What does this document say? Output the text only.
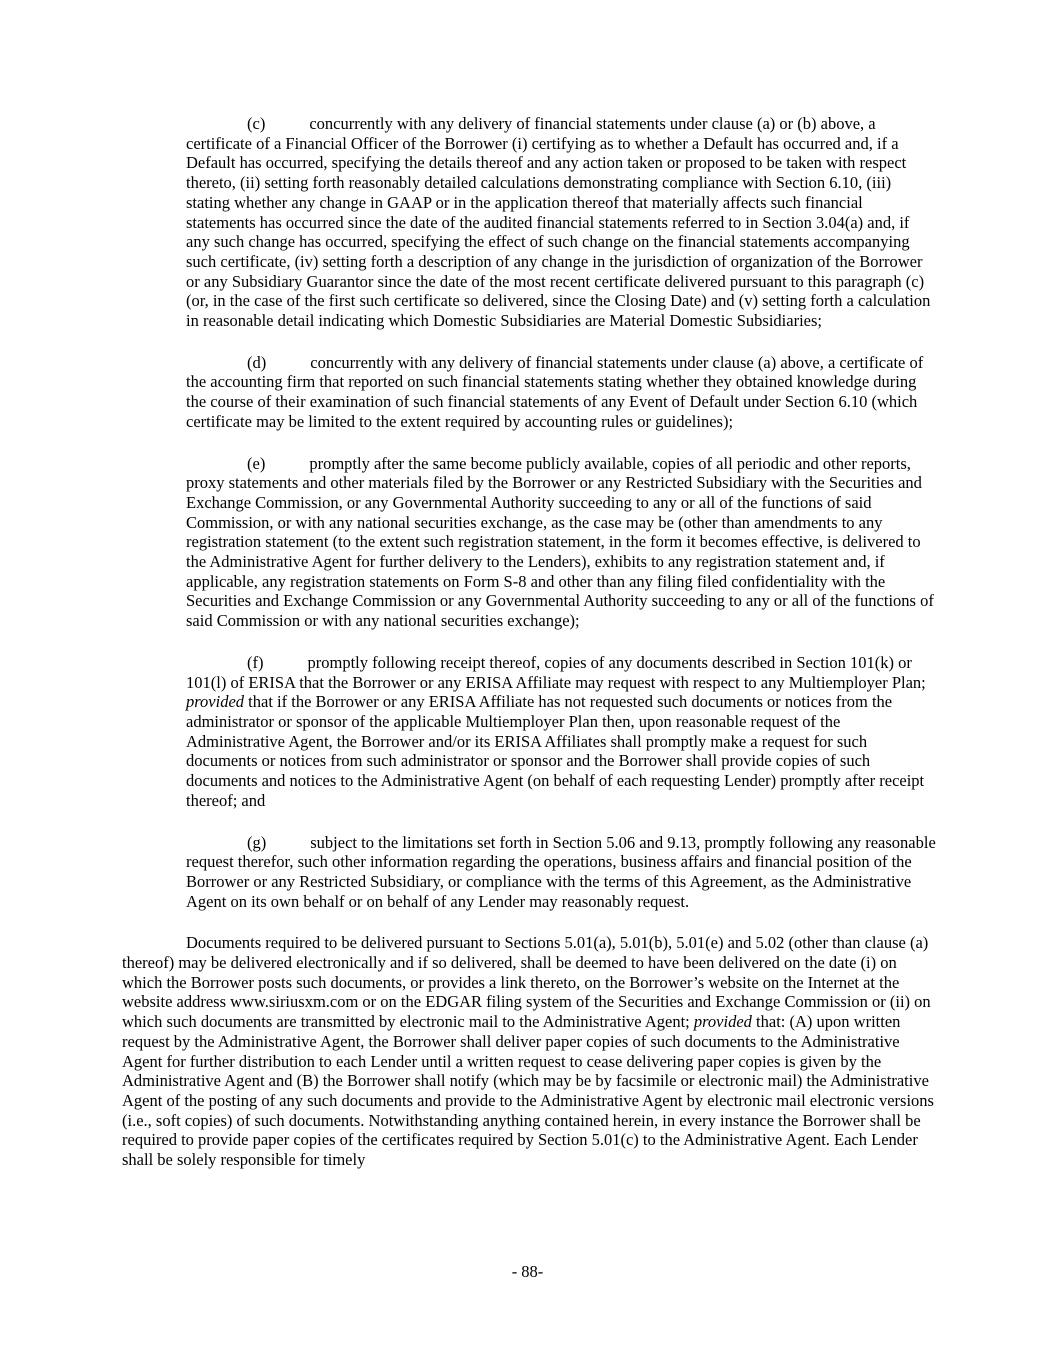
(c)	concurrently with any delivery of financial statements under clause (a) or (b) above, a certificate of a Financial Officer of the Borrower (i) certifying as to whether a Default has occurred and, if a Default has occurred, specifying the details thereof and any action taken or proposed to be taken with respect thereto, (ii) setting forth reasonably detailed calculations demonstrating compliance with Section 6.10, (iii) stating whether any change in GAAP or in the application thereof that materially affects such financial statements has occurred since the date of the audited financial statements referred to in Section 3.04(a) and, if any such change has occurred, specifying the effect of such change on the financial statements accompanying such certificate, (iv) setting forth a description of any change in the jurisdiction of organization of the Borrower or any Subsidiary Guarantor since the date of the most recent certificate delivered pursuant to this paragraph (c) (or, in the case of the first such certificate so delivered, since the Closing Date) and (v) setting forth a calculation in reasonable detail indicating which Domestic Subsidiaries are Material Domestic Subsidiaries;

(d)	concurrently with any delivery of financial statements under clause (a) above, a certificate of the accounting firm that reported on such financial statements stating whether they obtained knowledge during the course of their examination of such financial statements of any Event of Default under Section 6.10 (which certificate may be limited to the extent required by accounting rules or guidelines);

(e)	promptly after the same become publicly available, copies of all periodic and other reports, proxy statements and other materials filed by the Borrower or any Restricted Subsidiary with the Securities and Exchange Commission, or any Governmental Authority succeeding to any or all of the functions of said Commission, or with any national securities exchange, as the case may be (other than amendments to any registration statement (to the extent such registration statement, in the form it becomes effective, is delivered to the Administrative Agent for further delivery to the Lenders), exhibits to any registration statement and, if applicable, any registration statements on Form S-8 and other than any filing filed confidentiality with the Securities and Exchange Commission or any Governmental Authority succeeding to any or all of the functions of said Commission or with any national securities exchange);

(f)	promptly following receipt thereof, copies of any documents described in Section 101(k) or 101(l) of ERISA that the Borrower or any ERISA Affiliate may request with respect to any Multiemployer Plan; provided that if the Borrower or any ERISA Affiliate has not requested such documents or notices from the administrator or sponsor of the applicable Multiemployer Plan then, upon reasonable request of the Administrative Agent, the Borrower and/or its ERISA Affiliates shall promptly make a request for such documents or notices from such administrator or sponsor and the Borrower shall provide copies of such documents and notices to the Administrative Agent (on behalf of each requesting Lender) promptly after receipt thereof; and

(g)	subject to the limitations set forth in Section 5.06 and 9.13, promptly following any reasonable request therefor, such other information regarding the operations, business affairs and financial position of the Borrower or any Restricted Subsidiary, or compliance with the terms of this Agreement, as the Administrative Agent on its own behalf or on behalf of any Lender may reasonably request.

Documents required to be delivered pursuant to Sections 5.01(a), 5.01(b), 5.01(e) and 5.02 (other than clause (a) thereof) may be delivered electronically and if so delivered, shall be deemed to have been delivered on the date (i) on which the Borrower posts such documents, or provides a link thereto, on the Borrower’s website on the Internet at the website address www.siriusxm.com or on the EDGAR filing system of the Securities and Exchange Commission or (ii) on which such documents are transmitted by electronic mail to the Administrative Agent; provided that: (A) upon written request by the Administrative Agent, the Borrower shall deliver paper copies of such documents to the Administrative Agent for further distribution to each Lender until a written request to cease delivering paper copies is given by the Administrative Agent and (B) the Borrower shall notify (which may be by facsimile or electronic mail) the Administrative Agent of the posting of any such documents and provide to the Administrative Agent by electronic mail electronic versions (i.e., soft copies) of such documents. Notwithstanding anything contained herein, in every instance the Borrower shall be required to provide paper copies of the certificates required by Section 5.01(c) to the Administrative Agent. Each Lender shall be solely responsible for timely

- 88-
